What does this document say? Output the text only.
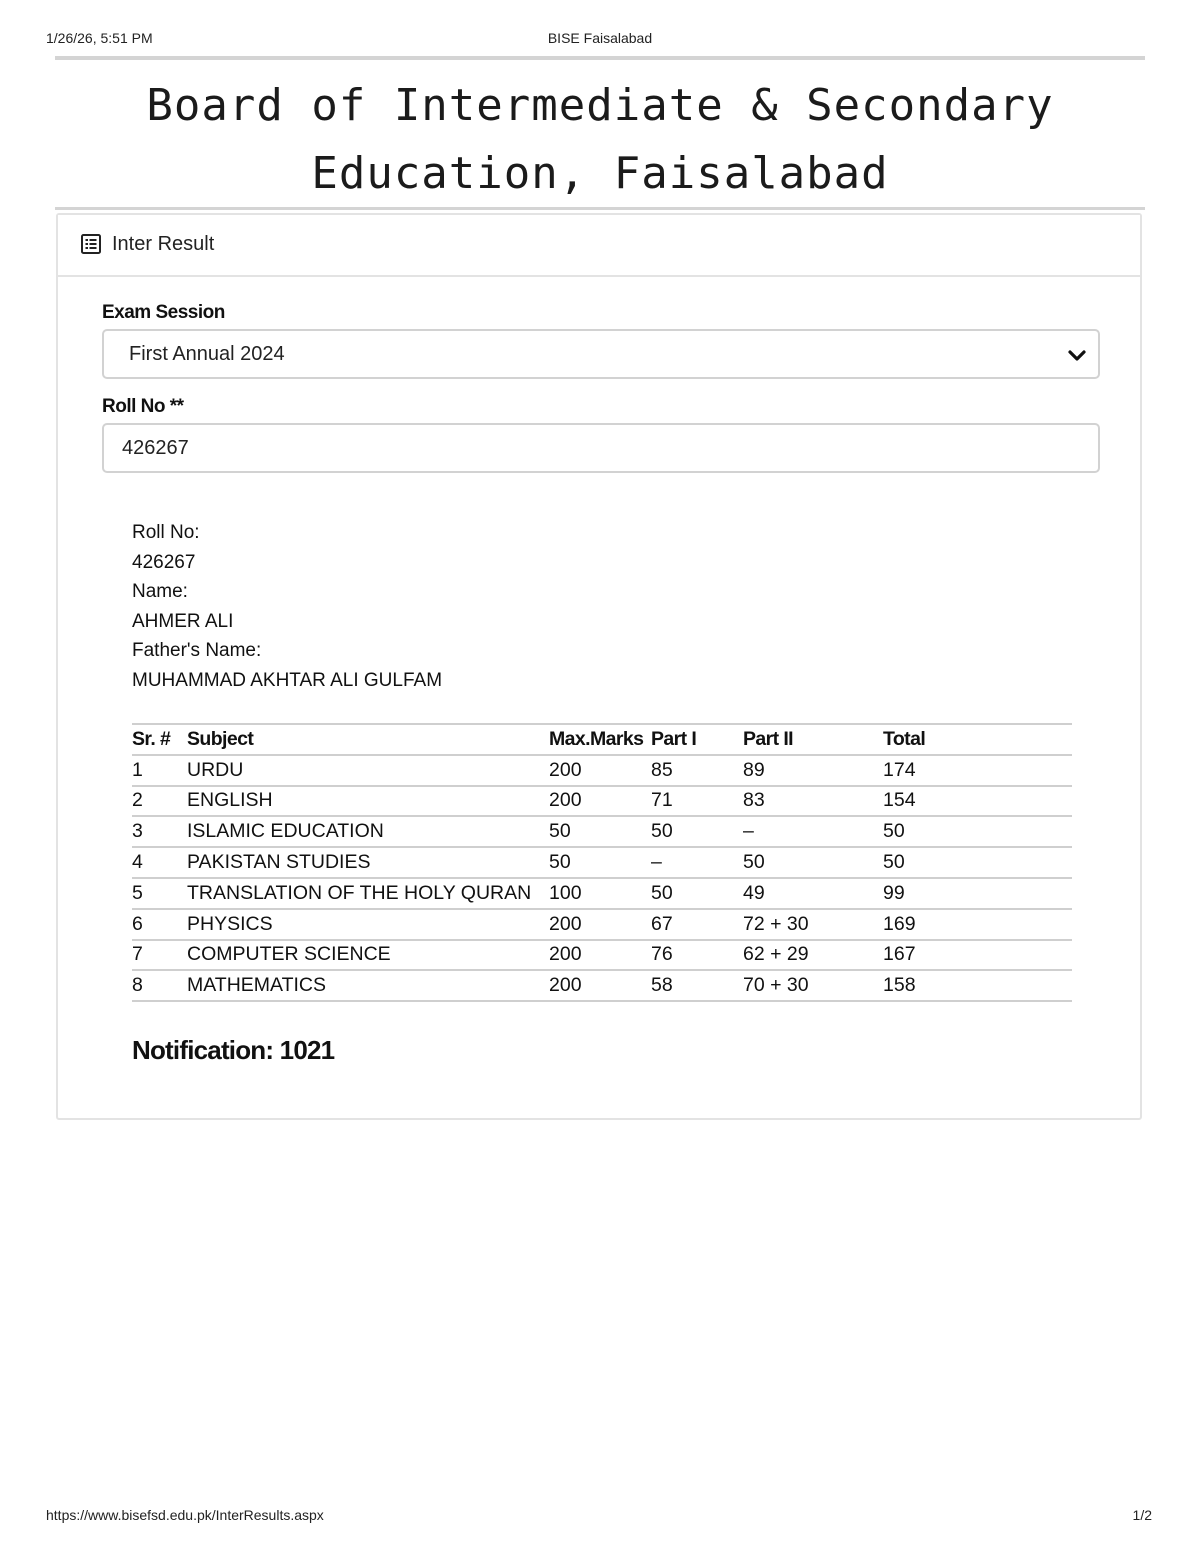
1/26/26, 5:51 PM	BISE Faisalabad
Board of Intermediate & Secondary
Education, Faisalabad
Inter Result
Exam Session
First Annual 2024
Roll No **
426267
Roll No:
426267
Name:
AHMER ALI
Father's Name:
MUHAMMAD AKHTAR ALI GULFAM
Sr. #	Subject	Max.Marks	Part I	Part II	Total
1	URDU	200	85	89	174
2	ENGLISH	200	71	83	154
3	ISLAMIC EDUCATION	50	50	–	50
4	PAKISTAN STUDIES	50	–	50	50
5	TRANSLATION OF THE HOLY QURAN	100	50	49	99
6	PHYSICS	200	67	72 + 30	169
7	COMPUTER SCIENCE	200	76	62 + 29	167
8	MATHEMATICS	200	58	70 + 30	158
Notification: 1021
https://www.bisefsd.edu.pk/InterResults.aspx	1/2
